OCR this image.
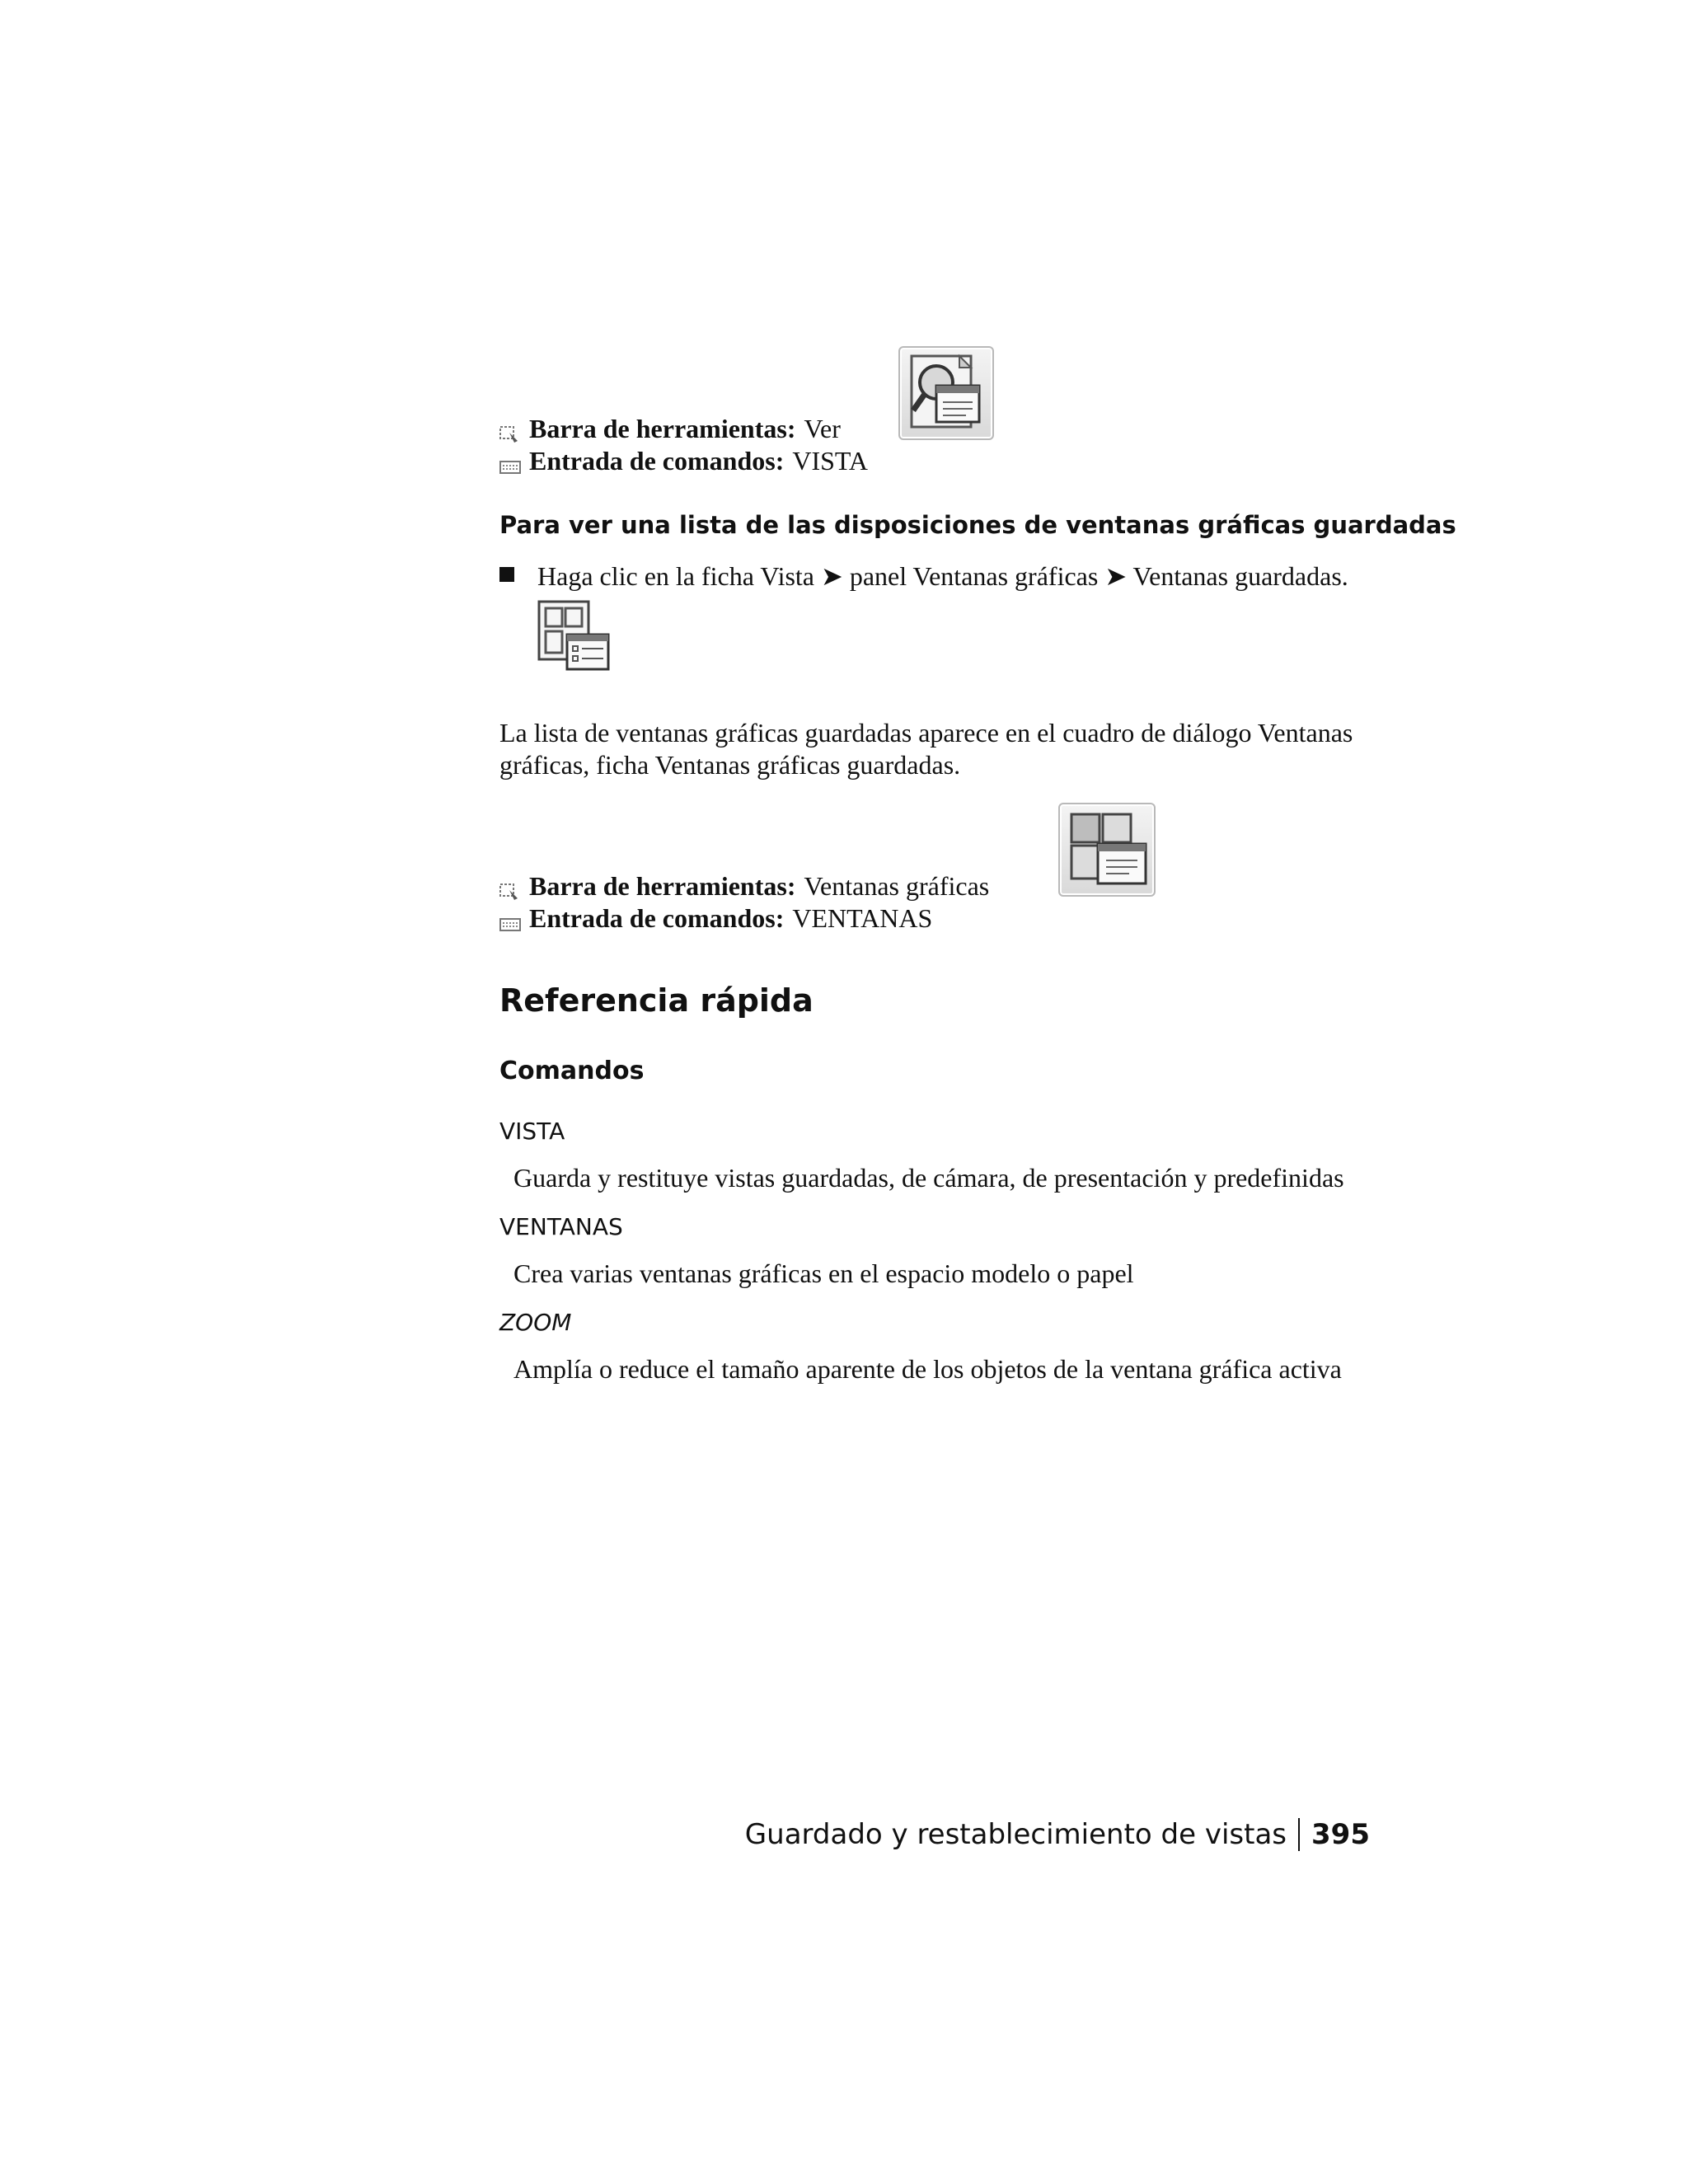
Barra de herramientas: Ver
Entrada de comandos: VISTA
Para ver una lista de las disposiciones de ventanas gráficas guardadas
Haga clic en la ficha Vista ➤ panel Ventanas gráficas ➤ Ventanas guardadas.
La lista de ventanas gráficas guardadas aparece en el cuadro de diálogo Ventanas gráficas, ficha Ventanas gráficas guardadas.
Barra de herramientas: Ventanas gráficas
Entrada de comandos: VENTANAS
Referencia rápida
Comandos
VISTA
Guarda y restituye vistas guardadas, de cámara, de presentación y predefinidas
VENTANAS
Crea varias ventanas gráficas en el espacio modelo o papel
ZOOM
Amplía o reduce el tamaño aparente de los objetos de la ventana gráfica activa
Guardado y restablecimiento de vistas 395
